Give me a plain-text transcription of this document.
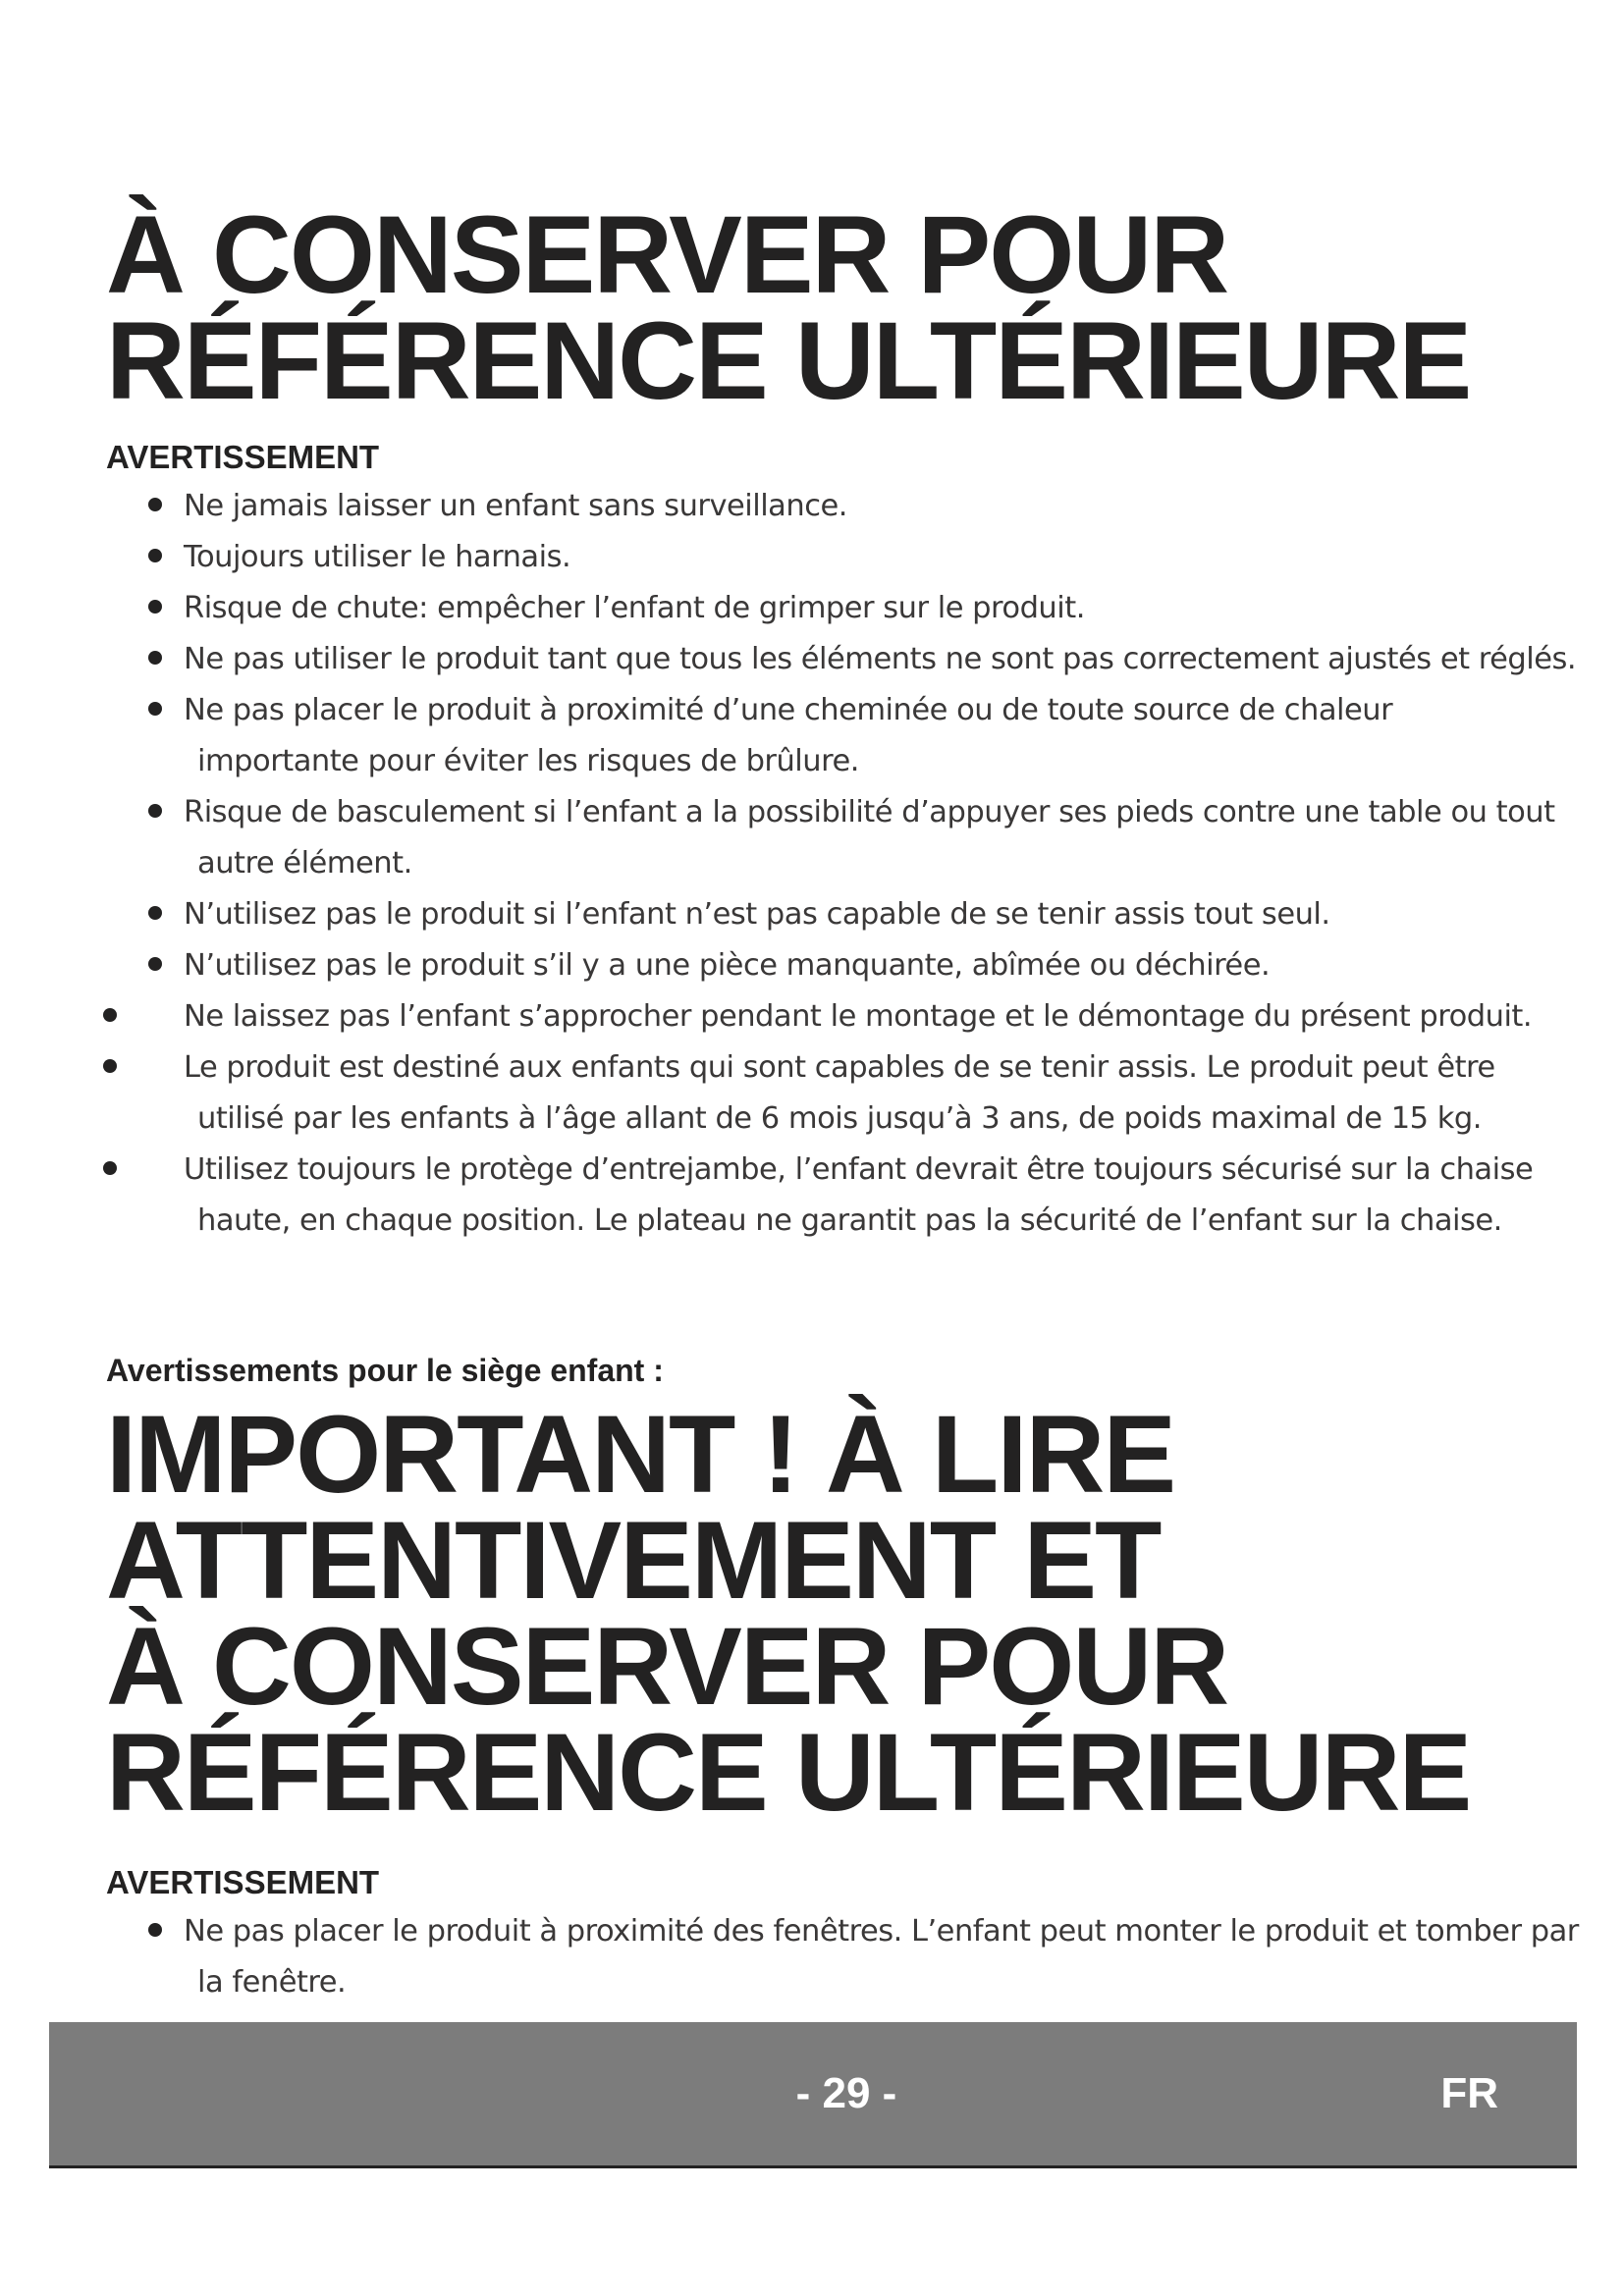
À CONSERVER POUR
RÉFÉRENCE ULTÉRIEURE
AVERTISSEMENT
Ne jamais laisser un enfant sans surveillance.
Toujours utiliser le harnais.
Risque de chute: empêcher l’enfant de grimper sur le produit.
Ne pas utiliser le produit tant que tous les éléments ne sont pas correctement ajustés et réglés.
Ne pas placer le produit à proximité d’une cheminée ou de toute source de chaleur importante pour éviter les risques de brûlure.
Risque de basculement si l’enfant a la possibilité d’appuyer ses pieds contre une table ou tout autre élément.
N’utilisez pas le produit si l’enfant n’est pas capable de se tenir assis tout seul.
N’utilisez pas le produit s’il y a une pièce manquante, abîmée ou déchirée.
Ne laissez pas l’enfant s’approcher pendant le montage et le démontage du présent produit.
Le produit est destiné aux enfants qui sont capables de se tenir assis. Le produit peut être utilisé par les enfants à l’âge allant de 6 mois jusqu’à 3 ans, de poids maximal de 15 kg.
Utilisez toujours le protège d’entrejambe, l’enfant devrait être toujours sécurisé sur la chaise haute, en chaque position. Le plateau ne garantit pas la sécurité de l’enfant sur la chaise.
Avertissements pour le siège enfant :
IMPORTANT ! À LIRE
ATTENTIVEMENT ET
À CONSERVER POUR
RÉFÉRENCE ULTÉRIEURE
AVERTISSEMENT
Ne pas placer le produit à proximité des fenêtres. L’enfant peut monter le produit et tomber par la fenêtre.
- 29 -	FR
